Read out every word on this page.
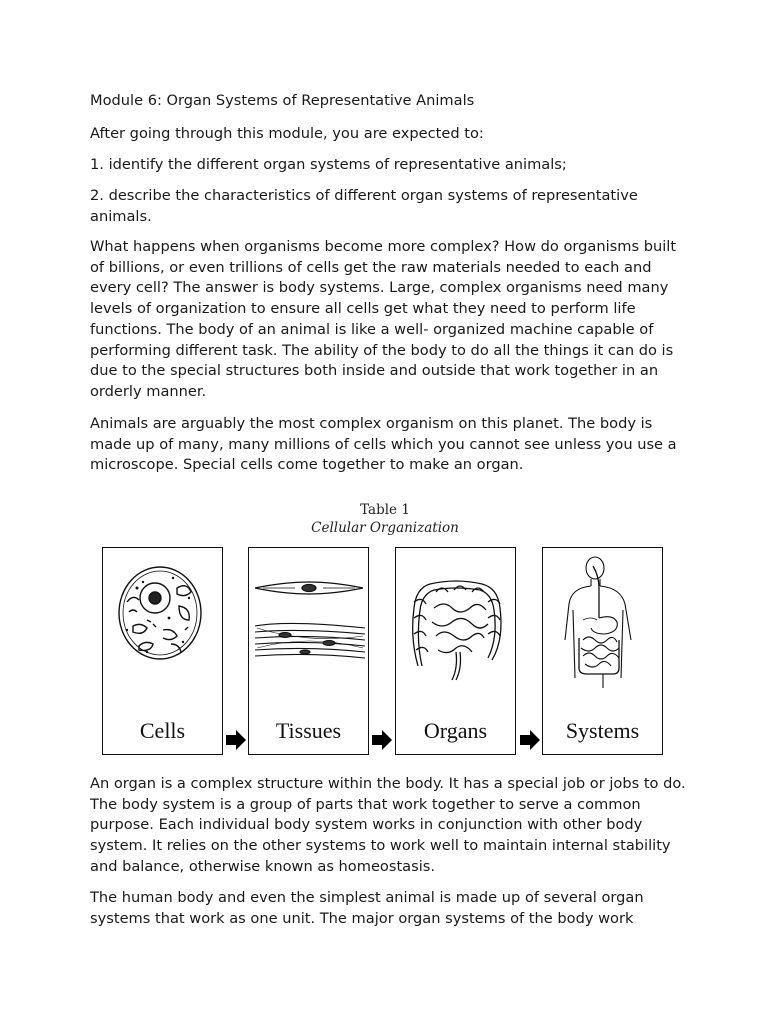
Module 6: Organ Systems of Representative Animals

After going through this module, you are expected to:

1. identify the different organ systems of representative animals;

2. describe the characteristics of different organ systems of representative animals.

What happens when organisms become more complex? How do organisms built of billions, or even trillions of cells get the raw materials needed to each and every cell? The answer is body systems. Large, complex organisms need many levels of organization to ensure all cells get what they need to perform life functions. The body of an animal is like a well- organized machine capable of performing different task. The ability of the body to do all the things it can do is due to the special structures both inside and outside that work together in an orderly manner.

Animals are arguably the most complex organism on this planet. The body is made up of many, many millions of cells which you cannot see unless you use a microscope. Special cells come together to make an organ.

Table 1
Cellular Organization
Cells	Tissues	Organs	Systems

An organ is a complex structure within the body. It has a special job or jobs to do. The body system is a group of parts that work together to serve a common purpose. Each individual body system works in conjunction with other body system. It relies on the other systems to work well to maintain internal stability and balance, otherwise known as homeostasis.

The human body and even the simplest animal is made up of several organ systems that work as one unit. The major organ systems of the body work
